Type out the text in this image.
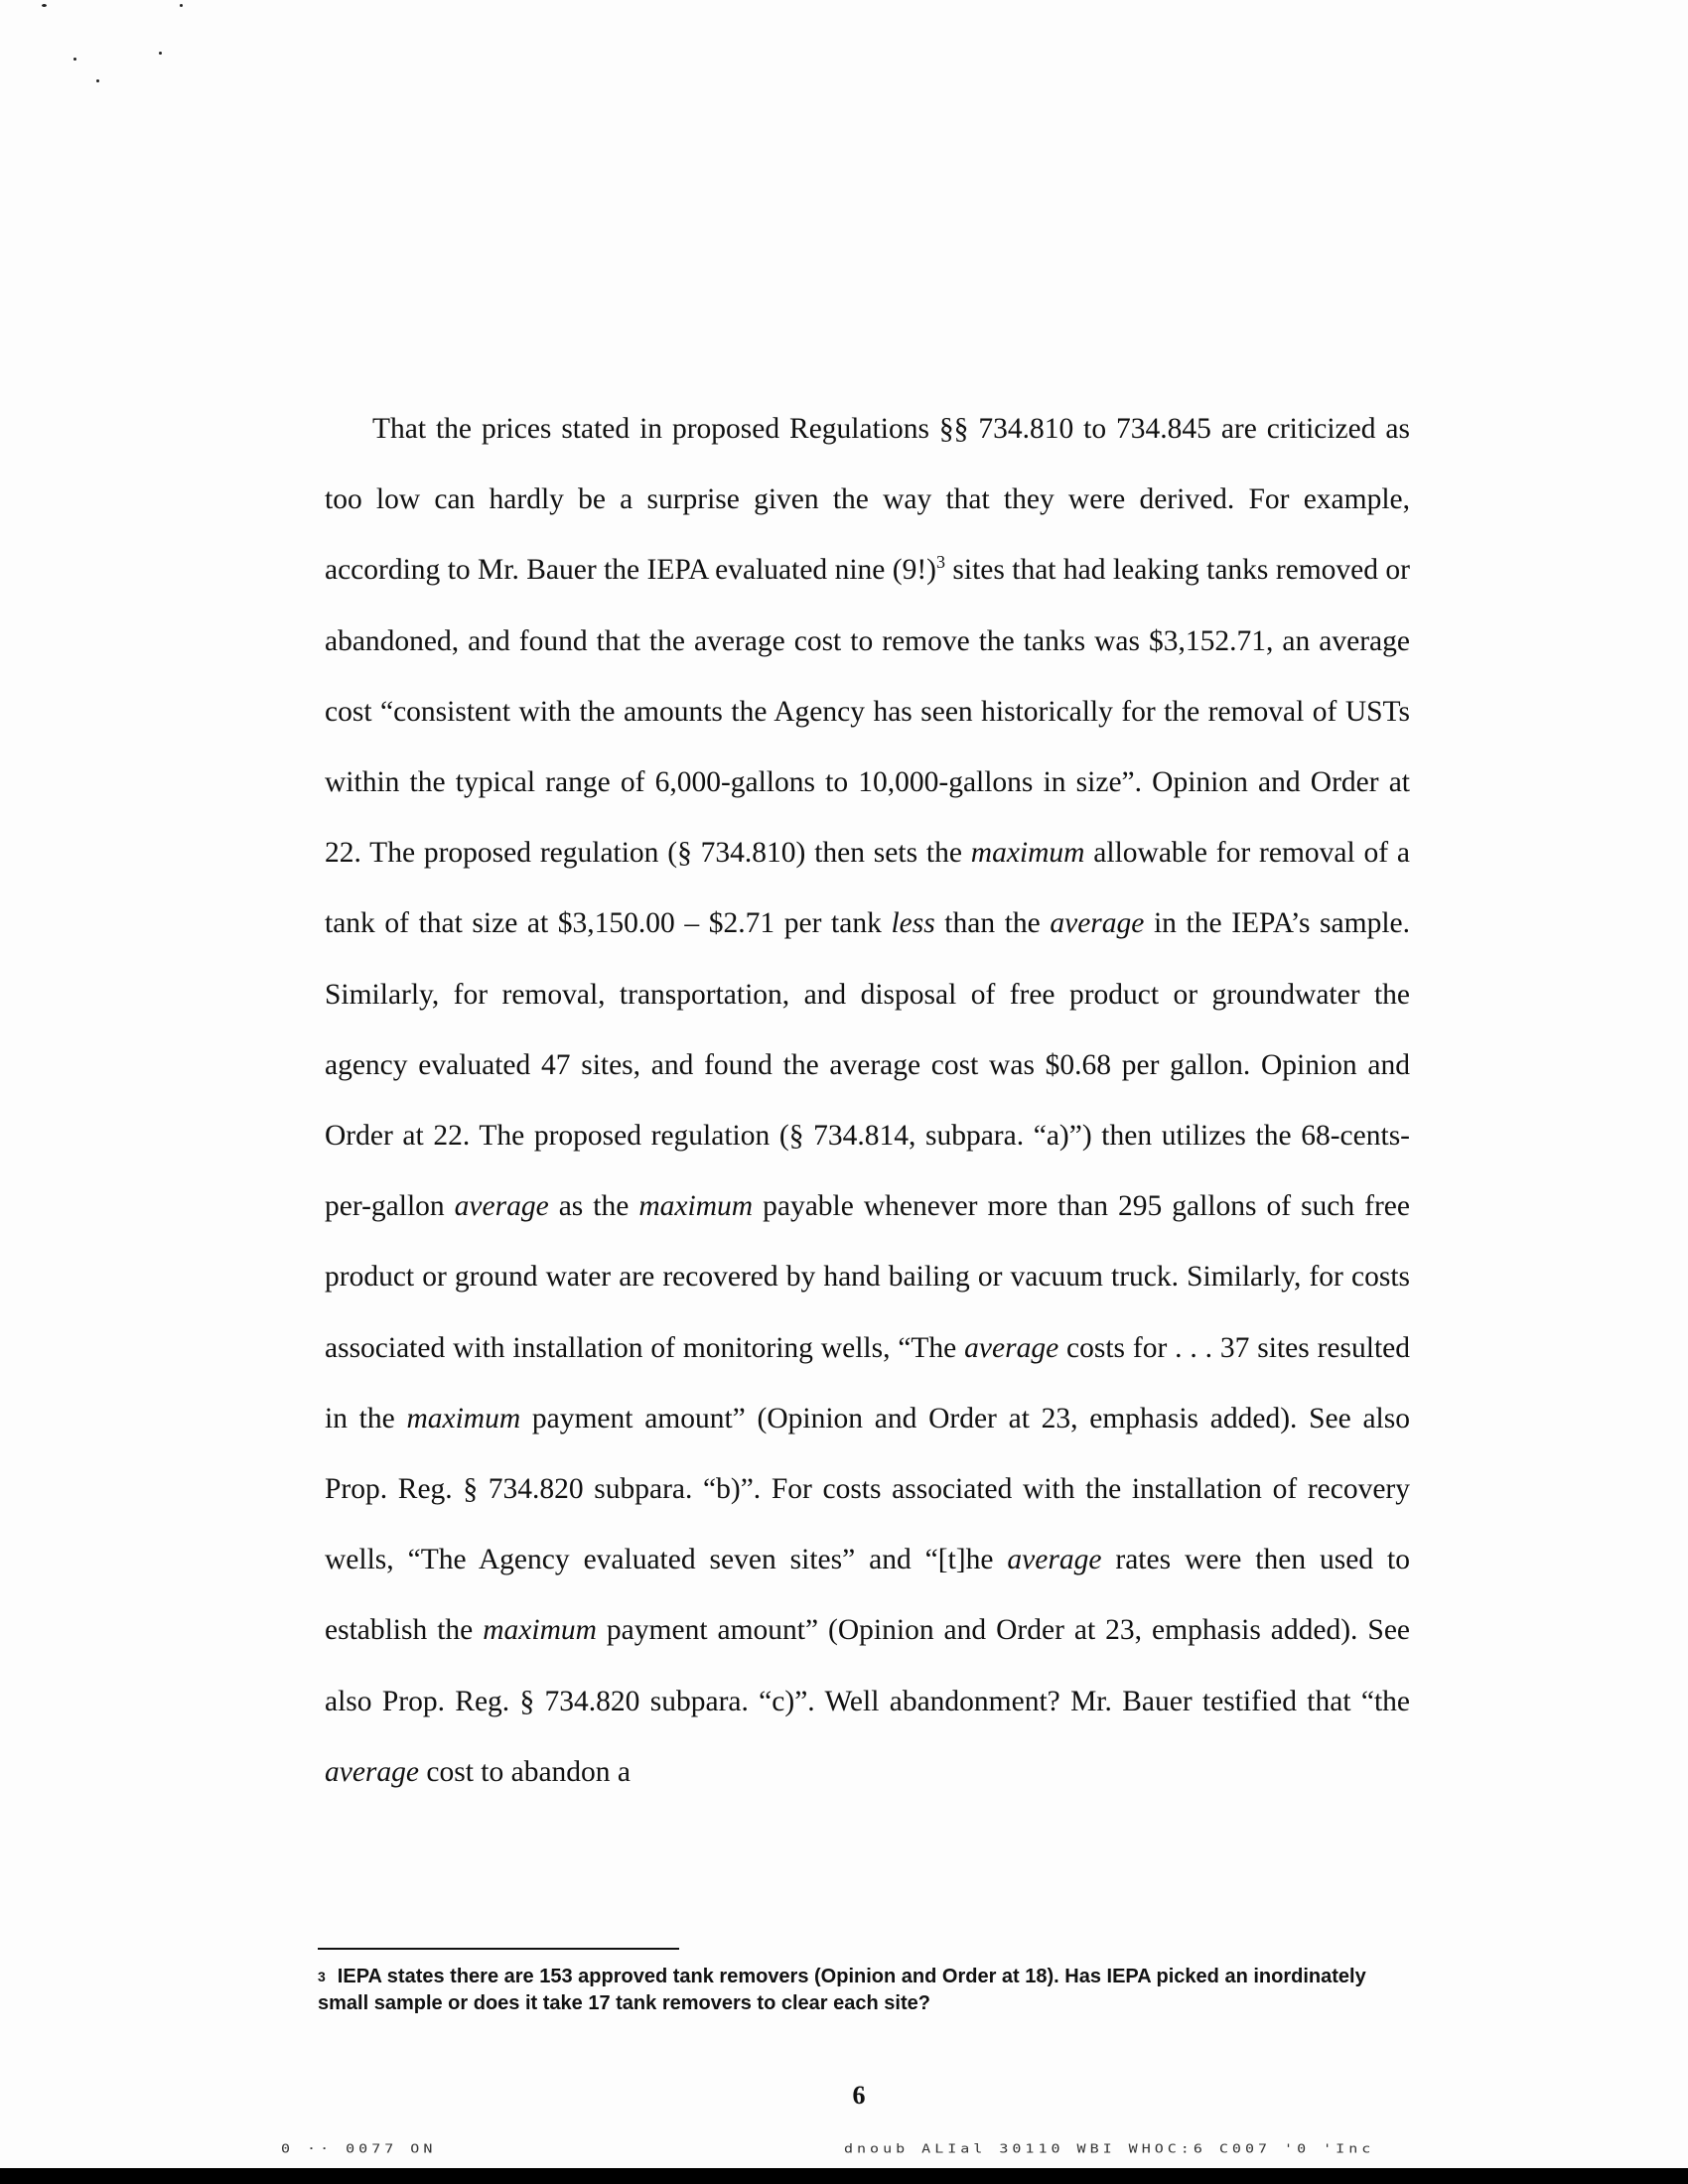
That the prices stated in proposed Regulations §§ 734.810 to 734.845 are criticized as too low can hardly be a surprise given the way that they were derived. For example, according to Mr. Bauer the IEPA evaluated nine $(9!)^3$ sites that had leaking tanks removed or abandoned, and found that the average cost to remove the tanks was $3,152.71, an average cost “consistent with the amounts the Agency has seen historically for the removal of USTs within the typical range of 6,000-gallons to 10,000-gallons in size”. Opinion and Order at 22. The proposed regulation (§ 734.810) then sets the maximum allowable for removal of a tank of that size at $3,150.00 – $2.71 per tank less than the average in the IEPA’s sample. Similarly, for removal, transportation, and disposal of free product or groundwater the agency evaluated 47 sites, and found the average cost was $0.68 per gallon. Opinion and Order at 22. The proposed regulation (§ 734.814, subpara. “a)”) then utilizes the 68-cents-per-gallon average as the maximum payable whenever more than 295 gallons of such free product or ground water are recovered by hand bailing or vacuum truck. Similarly, for costs associated with installation of monitoring wells, “The average costs for . . . 37 sites resulted in the maximum payment amount” (Opinion and Order at 23, emphasis added). See also Prop. Reg. § 734.820 subpara. “b)”. For costs associated with the installation of recovery wells, “The Agency evaluated seven sites” and “[t]he average rates were then used to establish the maximum payment amount” (Opinion and Order at 23, emphasis added). See also Prop. Reg. § 734.820 subpara. “c)”. Well abandonment? Mr. Bauer testified that “the average cost to abandon a

$^3$ IEPA states there are 153 approved tank removers (Opinion and Order at 18). Has IEPA picked an inordinately small sample or does it take 17 tank removers to clear each site?
6
0 ·· 0077 ON	dnoub ALIal 30110 WBI WHOC:6 C007 '0 'Inc
